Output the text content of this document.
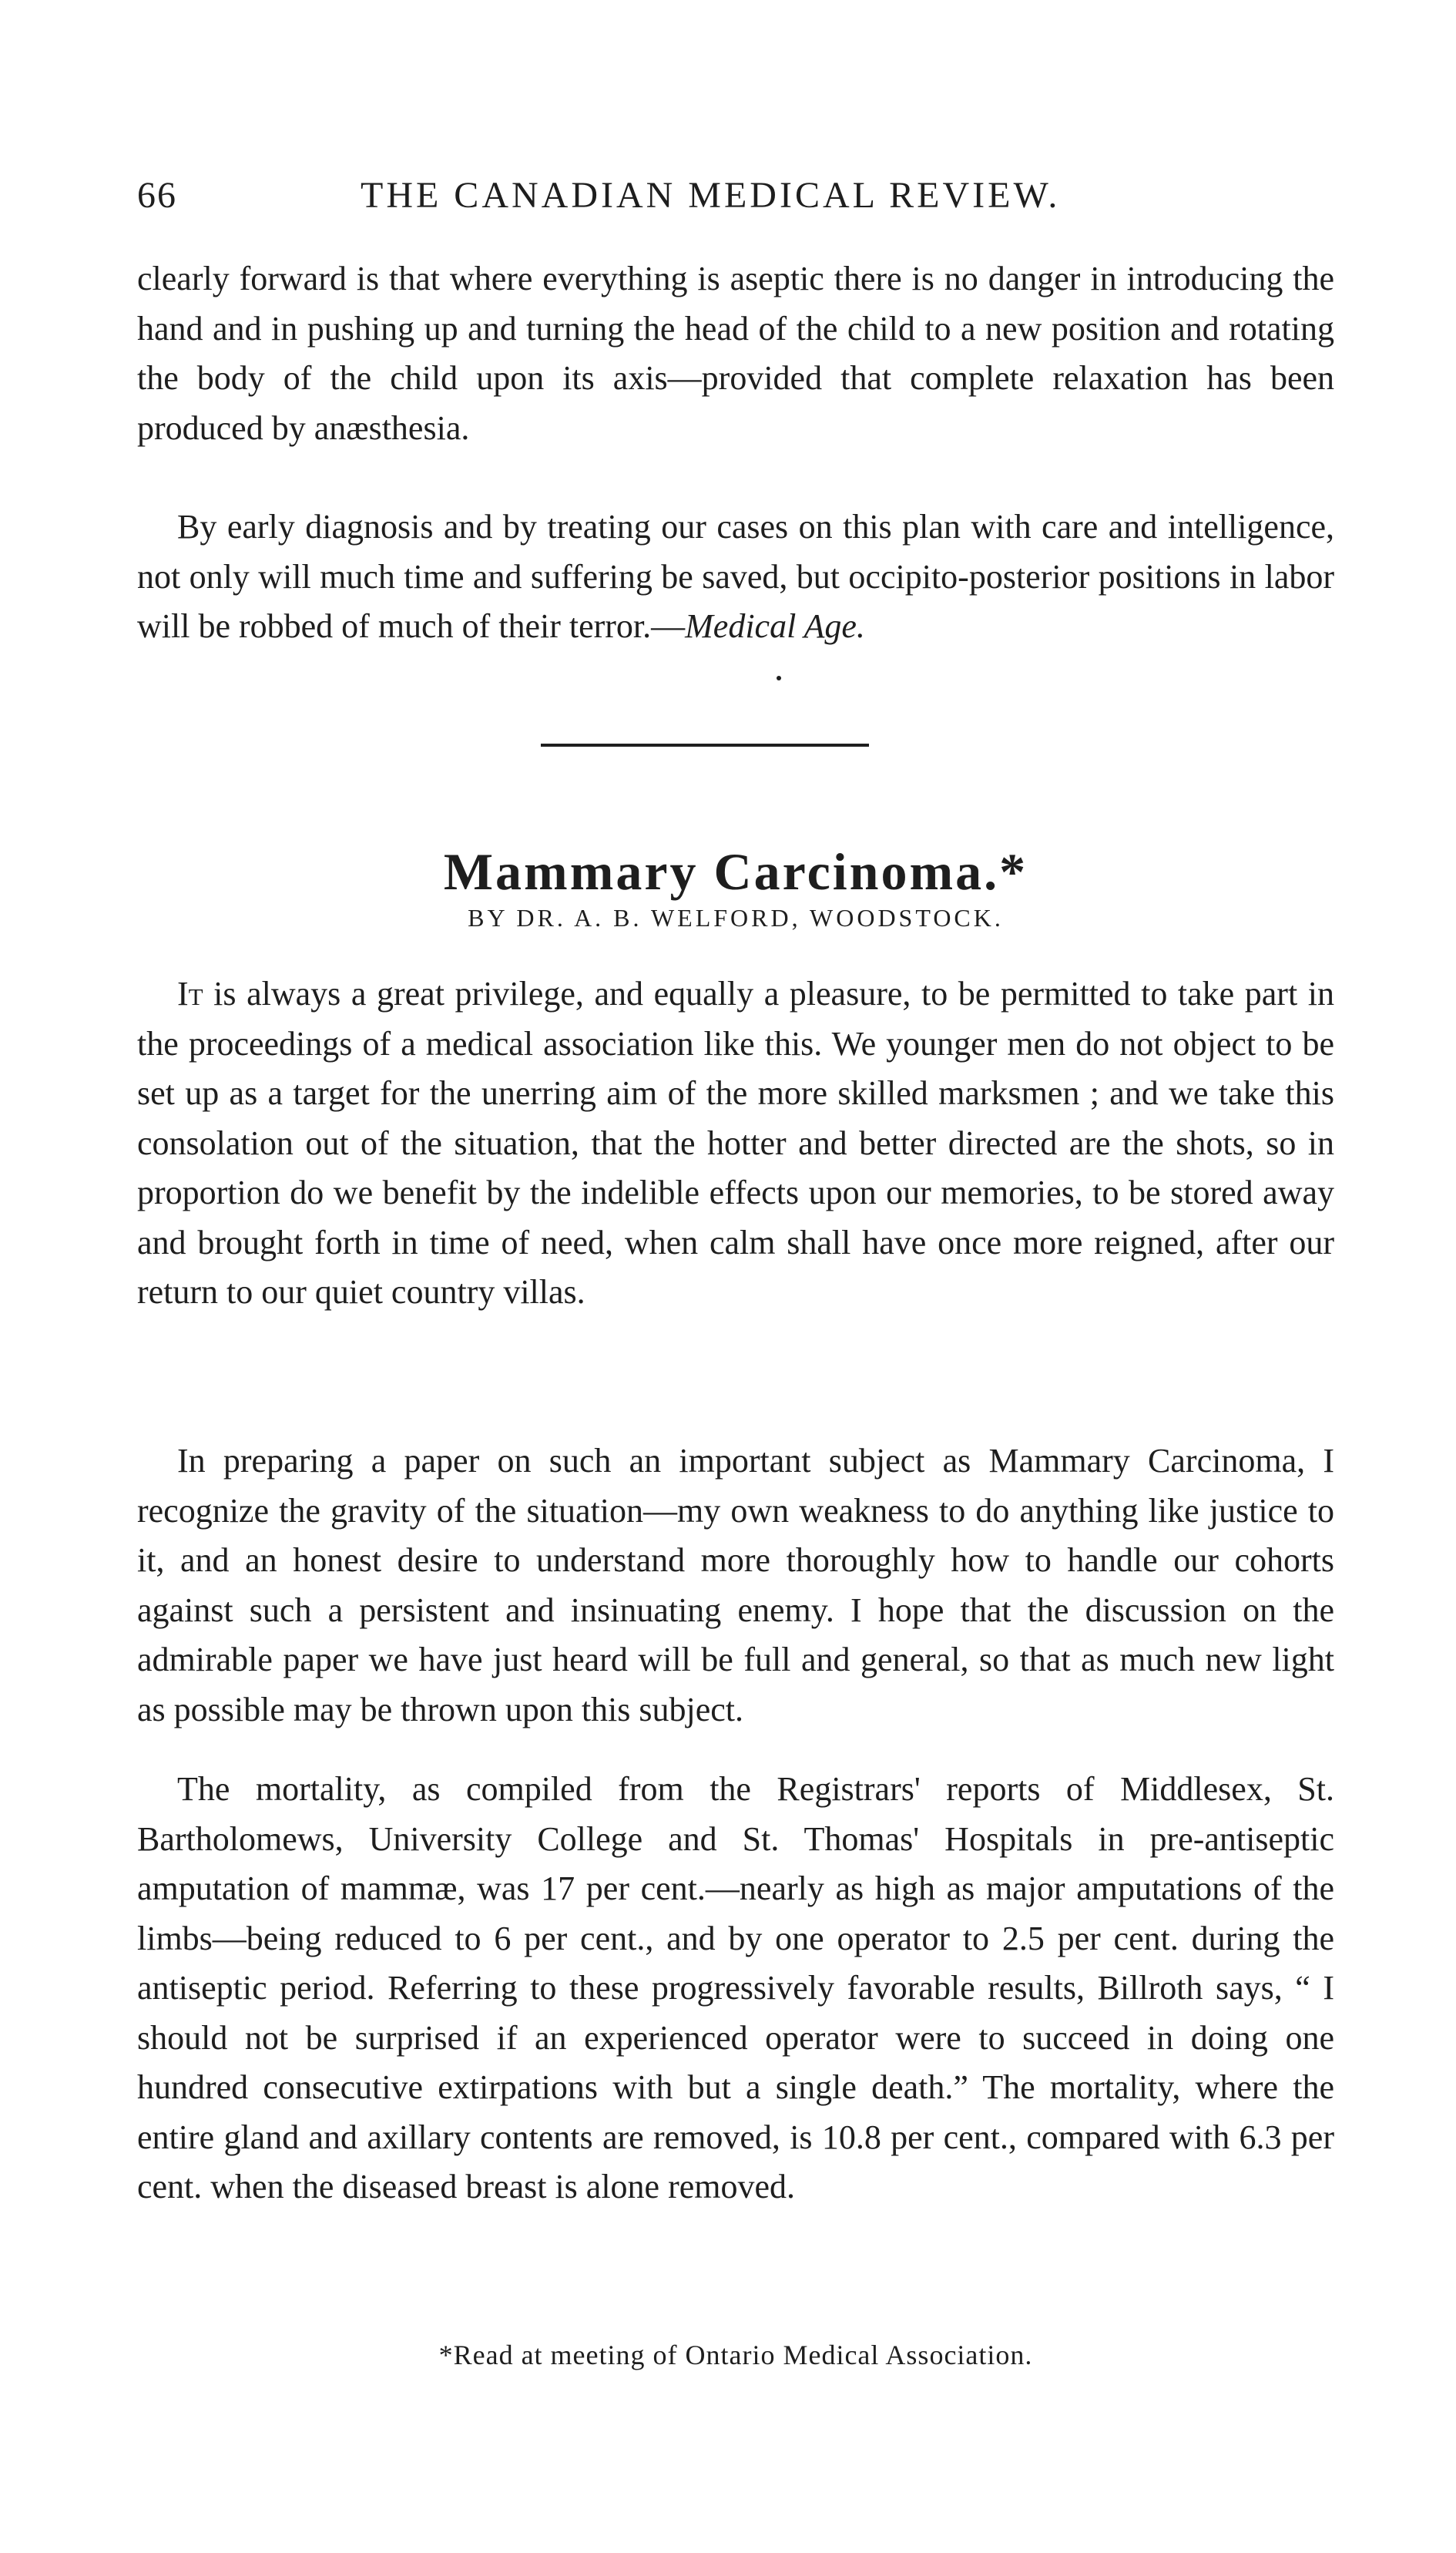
66	THE CANADIAN MEDICAL REVIEW.

clearly forward is that where everything is aseptic there is no danger in introducing the hand and in pushing up and turning the head of the child to a new position and rotating the body of the child upon its axis—provided that complete relaxation has been produced by anæsthesia.

By early diagnosis and by treating our cases on this plan with care and intelligence, not only will much time and suffering be saved, but occipito-posterior positions in labor will be robbed of much of their terror.—Medical Age.

Mammary Carcinoma.*
BY DR. A. B. WELFORD, WOODSTOCK.

It is always a great privilege, and equally a pleasure, to be permitted to take part in the proceedings of a medical association like this. We younger men do not object to be set up as a target for the unerring aim of the more skilled marksmen ; and we take this consolation out of the situation, that the hotter and better directed are the shots, so in proportion do we benefit by the indelible effects upon our memories, to be stored away and brought forth in time of need, when calm shall have once more reigned, after our return to our quiet country villas.

In preparing a paper on such an important subject as Mammary Carcinoma, I recognize the gravity of the situation—my own weakness to do anything like justice to it, and an honest desire to understand more thoroughly how to handle our cohorts against such a persistent and insinuating enemy. I hope that the discussion on the admirable paper we have just heard will be full and general, so that as much new light as possible may be thrown upon this subject.

The mortality, as compiled from the Registrars' reports of Middlesex, St. Bartholomews, University College and St. Thomas' Hospitals in pre-antiseptic amputation of mammæ, was 17 per cent.—nearly as high as major amputations of the limbs—being reduced to 6 per cent., and by one operator to 2.5 per cent. during the antiseptic period. Referring to these progressively favorable results, Billroth says, “ I should not be surprised if an experienced operator were to succeed in doing one hundred consecutive extirpations with but a single death.” The mortality, where the entire gland and axillary contents are removed, is 10.8 per cent., compared with 6.3 per cent. when the diseased breast is alone removed.

*Read at meeting of Ontario Medical Association.
